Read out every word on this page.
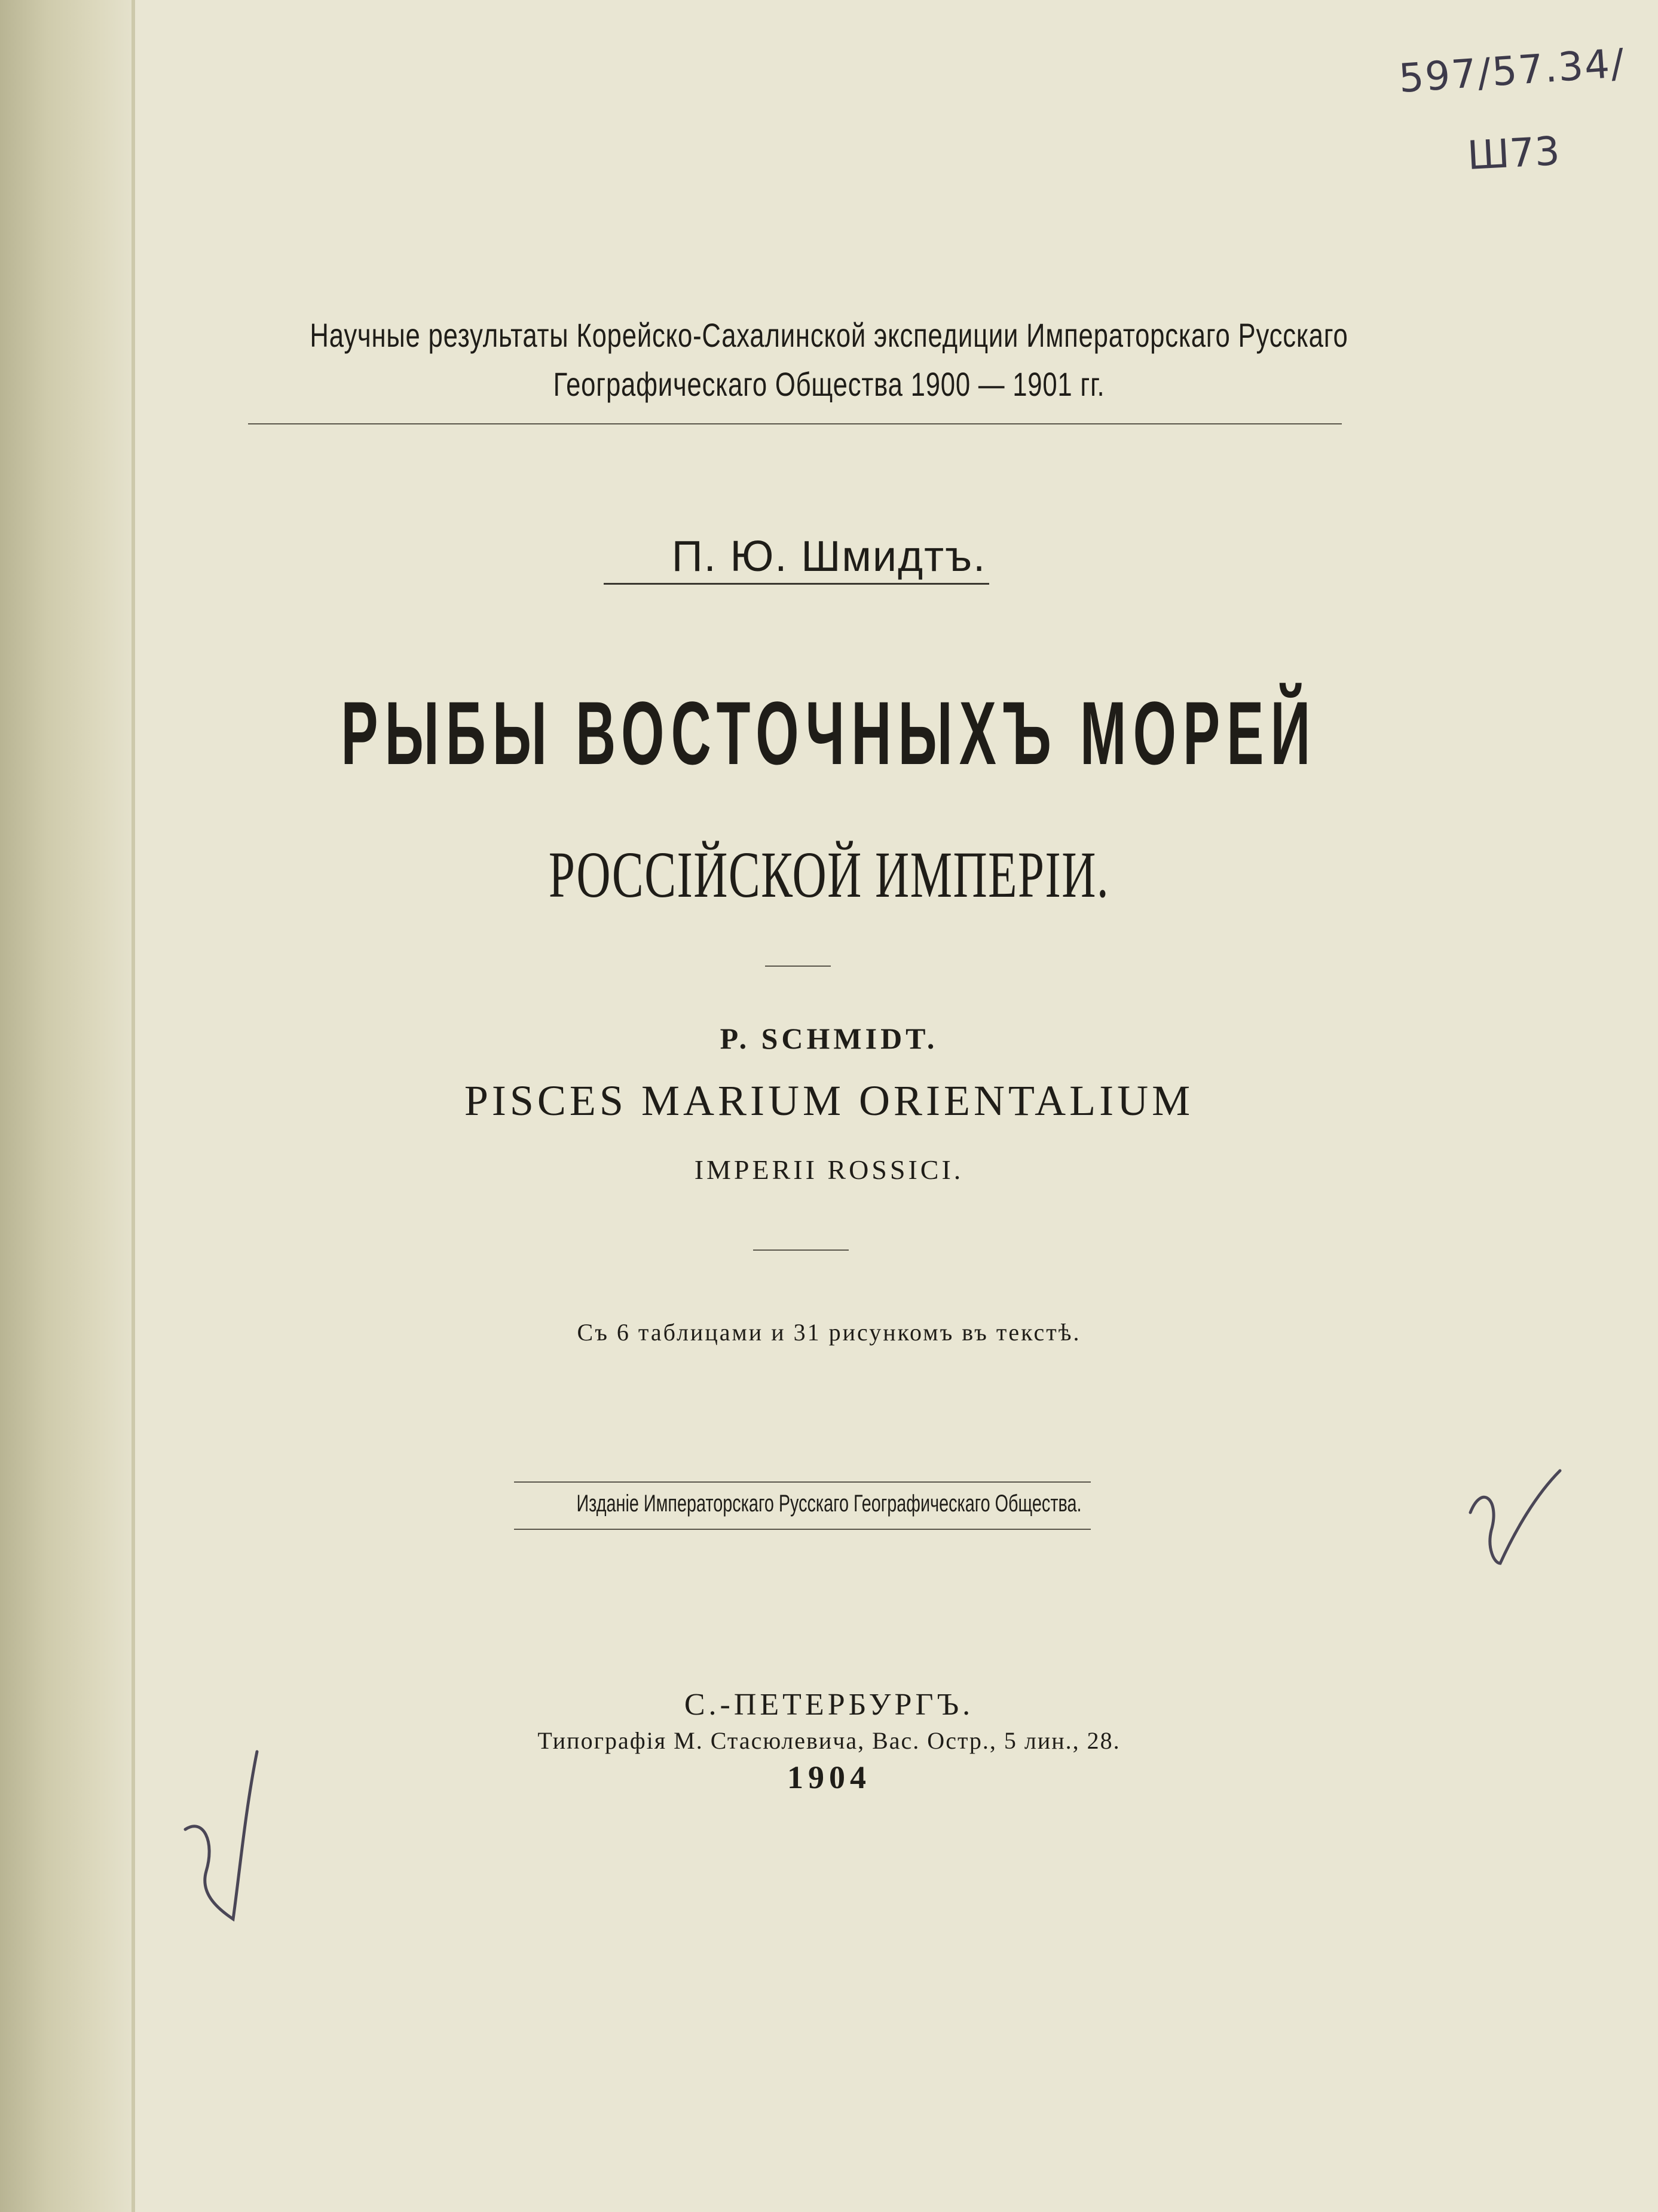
597/57.34/

Ш73

Научные результаты Корейско-Сахалинской экспедиции Императорскаго Русскаго

Географическаго Общества 1900 — 1901 гг.

П. Ю. Шмидтъ.

РЫБЫ ВОСТОЧНЫХЪ МОРЕЙ

РОССІЙСКОЙ ИМПЕРІИ.

P. SCHMIDT.

PISCES MARIUM ORIENTALIUM

IMPERII ROSSICI.

Съ 6 таблицами и 31 рисункомъ въ текстѣ.

Изданіе Императорскаго Русскаго Географическаго Общества.

С.-ПЕТЕРБУРГЪ.

Типографія М. Стасюлевича, Вас. Остр., 5 лин., 28.

1904
